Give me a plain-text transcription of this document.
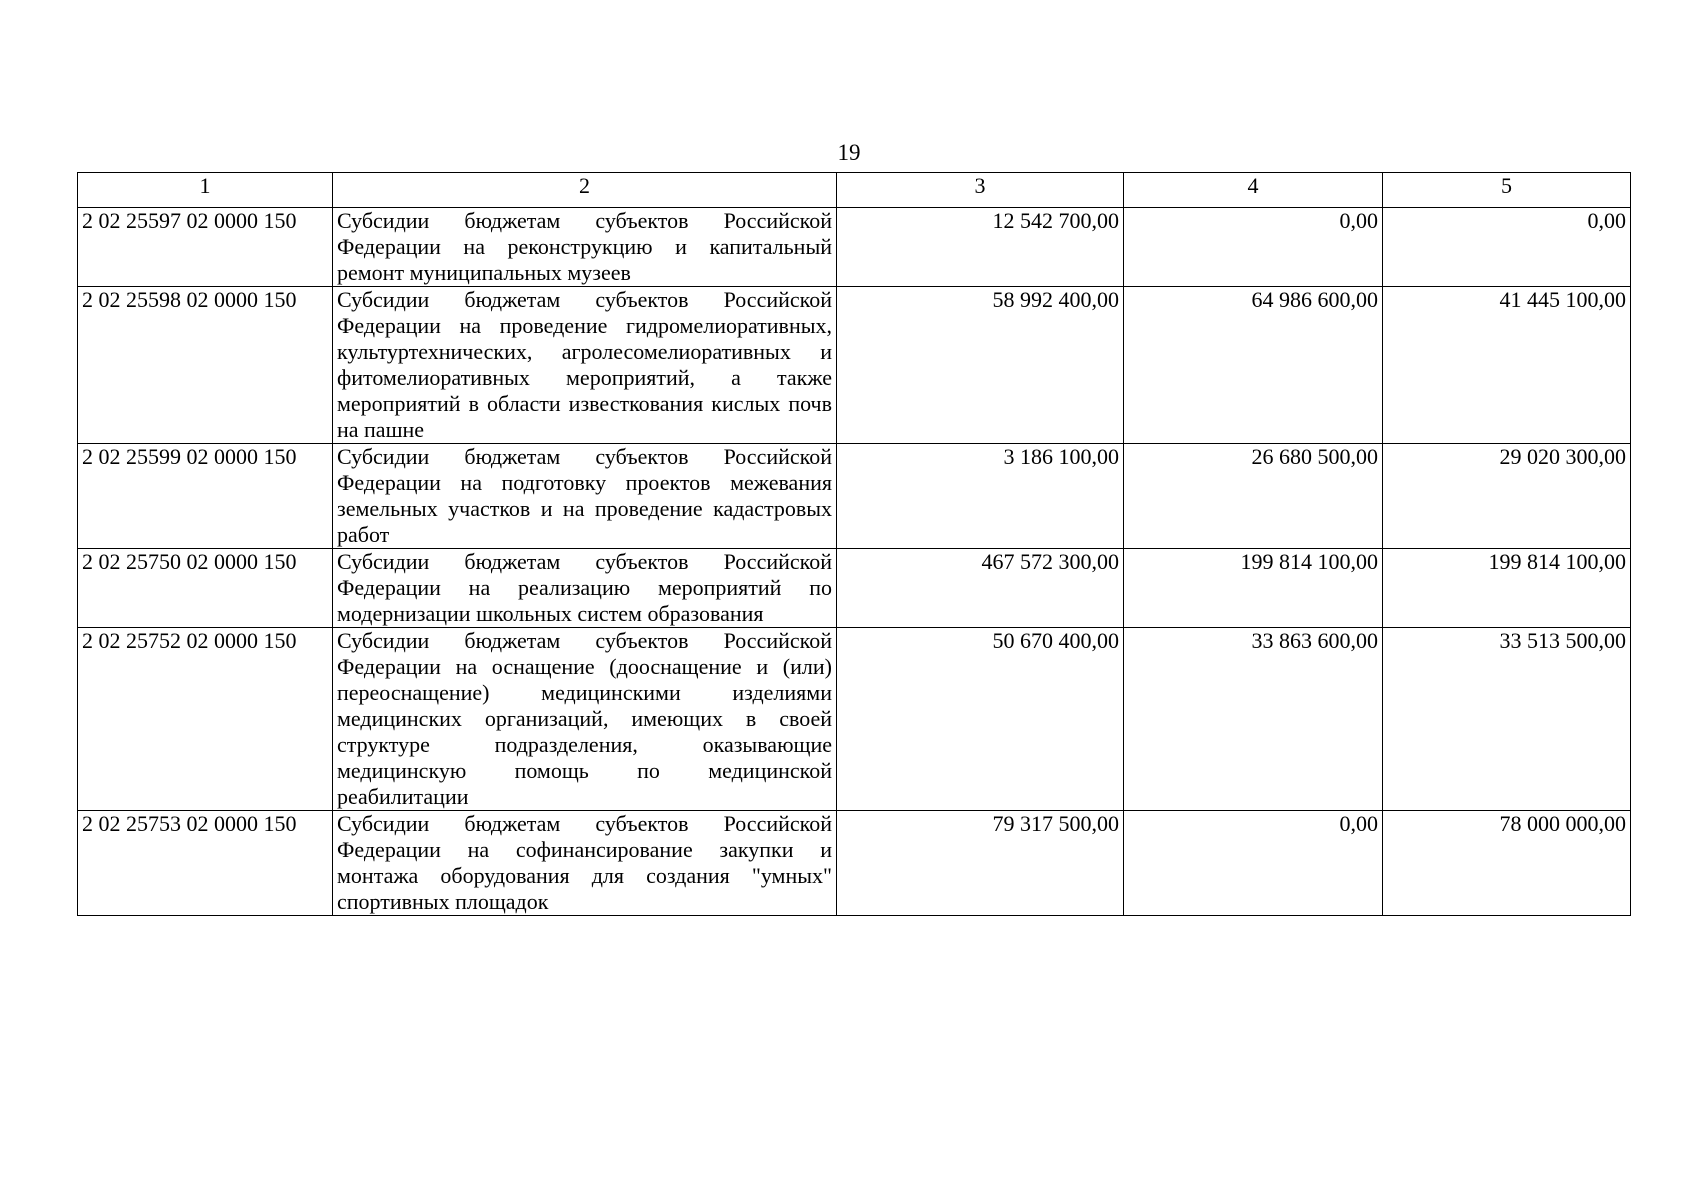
19
1	2	3	4	5
2 02 25597 02 0000 150	Субсидии бюджетам субъектов Российской Федерации на реконструкцию и капитальный ремонт муниципальных музеев	12 542 700,00	0,00	0,00
2 02 25598 02 0000 150	Субсидии бюджетам субъектов Российской Федерации на проведение гидромелиоративных, культуртехнических, агролесомелиоративных и фитомелиоративных мероприятий, а также мероприятий в области известкования кислых почв на пашне	58 992 400,00	64 986 600,00	41 445 100,00
2 02 25599 02 0000 150	Субсидии бюджетам субъектов Российской Федерации на подготовку проектов межевания земельных участков и на проведение кадастровых работ	3 186 100,00	26 680 500,00	29 020 300,00
2 02 25750 02 0000 150	Субсидии бюджетам субъектов Российской Федерации на реализацию мероприятий по модернизации школьных систем образования	467 572 300,00	199 814 100,00	199 814 100,00
2 02 25752 02 0000 150	Субсидии бюджетам субъектов Российской Федерации на оснащение (дооснащение и (или) переоснащение) медицинскими изделиями медицинских организаций, имеющих в своей структуре подразделения, оказывающие медицинскую помощь по медицинской реабилитации	50 670 400,00	33 863 600,00	33 513 500,00
2 02 25753 02 0000 150	Субсидии бюджетам субъектов Российской Федерации на софинансирование закупки и монтажа оборудования для создания "умных" спортивных площадок	79 317 500,00	0,00	78 000 000,00
